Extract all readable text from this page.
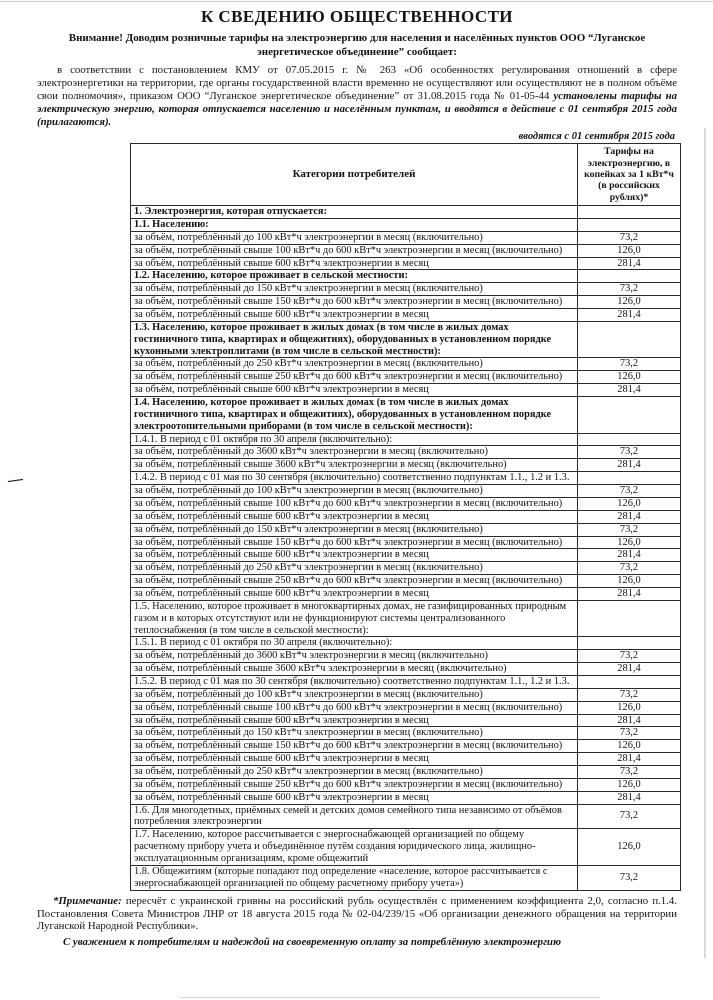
—
К СВЕДЕНИЮ ОБЩЕСТВЕННОСТИ
Внимание! Доводим розничные тарифы на электроэнергию для населения и населённых пунктов ООО “Луганское энергетическое объединение” сообщает:

в соответствии с постановлением КМУ от 07.05.2015 г. № 263 «Об особенностях регулирования отношений в сфере электроэнергетики на территории, где органы государственной власти временно не осуществляют или осуществляют не в полном объёме свои полномочия», приказом ООО “Луганское энергетическое объединение” от 31.08.2015 года № 01-05-44 установлены тарифы на электрическую энергию, которая отпускается населению и населённым пунктам, и вводятся в действие с 01 сентября 2015 года (прилагаются).

вводятся с 01 сентября 2015 года
Категории потребителей	Тарифы на электроэнергию, в копейках за 1 кВт*ч (в российских рублях)*
1. Электроэнергия, которая отпускается:	
1.1. Населению:	
за объём, потреблённый до 100 кВт*ч электроэнергии в месяц (включительно)	73,2
за объём, потреблённый свыше 100 кВт*ч до 600 кВт*ч электроэнергии в месяц (включительно)	126,0
за объём, потреблённый свыше 600 кВт*ч электроэнергии в месяц	281,4
1.2. Населению, которое проживает в сельской местности:	
за объём, потреблённый до 150 кВт*ч электроэнергии в месяц (включительно)	73,2
за объём, потреблённый свыше 150 кВт*ч до 600 кВт*ч электроэнергии в месяц (включительно)	126,0
за объём, потреблённый свыше 600 кВт*ч электроэнергии в месяц	281,4
1.3. Населению, которое проживает в жилых домах (в том числе в жилых домах гостиничного типа, квартирах и общежитиях), оборудованных в установленном порядке кухонными электроплитами (в том числе в сельской местности):	
за объём, потреблённый до 250 кВт*ч электроэнергии в месяц (включительно)	73,2
за объём, потреблённый свыше 250 кВт*ч до 600 кВт*ч электроэнергии в месяц (включительно)	126,0
за объём, потреблённый свыше 600 кВт*ч электроэнергии в месяц	281,4
1.4. Населению, которое проживает в жилых домах (в том числе в жилых домах гостиничного типа, квартирах и общежитиях), оборудованных в установленном порядке электроотопительными приборами (в том числе в сельской местности):	
1.4.1. В период с 01 октября по 30 апреля (включительно):	
за объём, потреблённый до 3600 кВт*ч электроэнергии в месяц (включительно)	73,2
за объём, потреблённый свыше 3600 кВт*ч электроэнергии в месяц (включительно)	281,4
1.4.2. В период с 01 мая по 30 сентября (включительно) соответственно подпунктам 1.1., 1.2 и 1.3.	
за объём, потреблённый до 100 кВт*ч электроэнергии в месяц (включительно)	73,2
за объём, потреблённый свыше 100 кВт*ч до 600 кВт*ч электроэнергии в месяц (включительно)	126,0
за объём, потреблённый свыше 600 кВт*ч электроэнергии в месяц	281,4
за объём, потреблённый до 150 кВт*ч электроэнергии в месяц (включительно)	73,2
за объём, потреблённый свыше 150 кВт*ч до 600 кВт*ч электроэнергии в месяц (включительно)	126,0
за объём, потреблённый свыше 600 кВт*ч электроэнергии в месяц	281,4
за объём, потреблённый до 250 кВт*ч электроэнергии в месяц (включительно)	73,2
за объём, потреблённый свыше 250 кВт*ч до 600 кВт*ч электроэнергии в месяц (включительно)	126,0
за объём, потреблённый свыше 600 кВт*ч электроэнергии в месяц	281,4
1.5. Населению, которое проживает в многоквартирных домах, не газифицированных природным газом и в которых отсутствуют или не функционируют системы централизованного теплоснабжения (в том числе в сельской местности):	
1.5.1. В период с 01 октября по 30 апреля (включительно):	
за объём, потреблённый до 3600 кВт*ч электроэнергии в месяц (включительно)	73,2
за объём, потреблённый свыше 3600 кВт*ч электроэнергии в месяц (включительно)	281,4
1.5.2. В период с 01 мая по 30 сентября (включительно) соответственно подпунктам 1.1., 1.2 и 1.3.	
за объём, потреблённый до 100 кВт*ч электроэнергии в месяц (включительно)	73,2
за объём, потреблённый свыше 100 кВт*ч до 600 кВт*ч электроэнергии в месяц (включительно)	126,0
за объём, потреблённый свыше 600 кВт*ч электроэнергии в месяц	281,4
за объём, потреблённый до 150 кВт*ч электроэнергии в месяц (включительно)	73,2
за объём, потреблённый свыше 150 кВт*ч до 600 кВт*ч электроэнергии в месяц (включительно)	126,0
за объём, потреблённый свыше 600 кВт*ч электроэнергии в месяц	281,4
за объём, потреблённый до 250 кВт*ч электроэнергии в месяц (включительно)	73,2
за объём, потреблённый свыше 250 кВт*ч до 600 кВт*ч электроэнергии в месяц (включительно)	126,0
за объём, потреблённый свыше 600 кВт*ч электроэнергии в месяц	281,4
1.6. Для многодетных, приёмных семей и детских домов семейного типа независимо от объёмов потребления электроэнергии	73,2
1.7. Населению, которое рассчитывается с энергоснабжающей организацией по общему расчетному прибору учета и объединённое путём создания юридического лица, жилищно-эксплуатационным организациям, кроме общежитий	126,0
1.8. Общежитиям (которые попадают под определение «население, которое рассчитывается с энергоснабжающей организацией по общему расчетному прибору учета»)	73,2

*Примечание: пересчёт с украинской гривны на российский рубль осуществлён с применением коэффициента 2,0, согласно п.1.4. Постановления Совета Министров ЛНР от 18 августа 2015 года № 02-04/239/15 «Об организации денежного обращения на территории Луганской Народной Республики».

С уважением к потребителям и надеждой на своевременную оплату за потреблённую электроэнергию
